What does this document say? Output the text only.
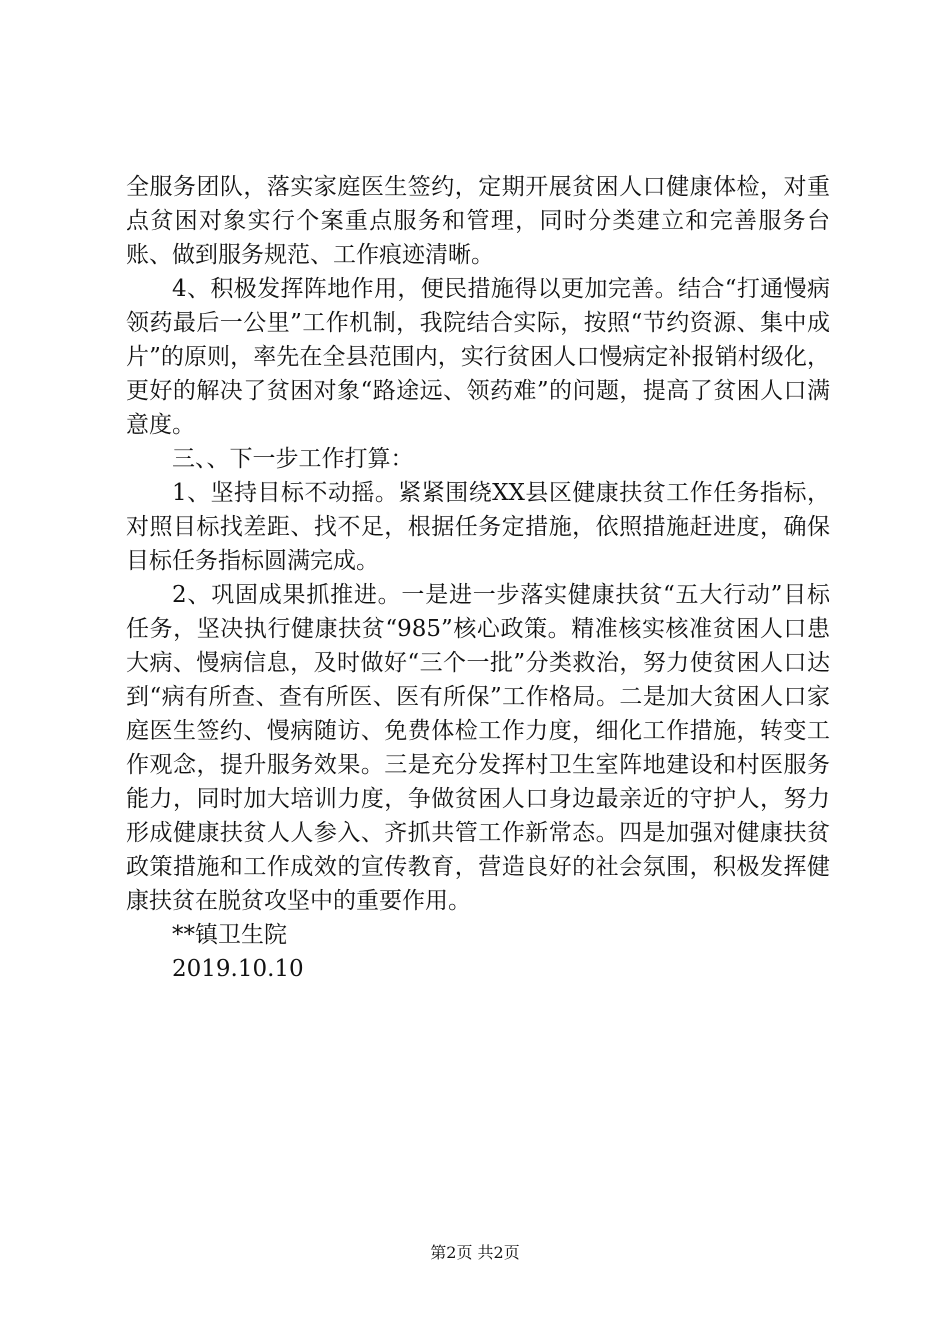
全服务团队，落实家庭医生签约，定期开展贫困人口健康体检，对重点贫困对象实行个案重点服务和管理，同时分类建立和完善服务台账、做到服务规范、工作痕迹清晰。

4、积极发挥阵地作用，便民措施得以更加完善。结合“打通慢病领药最后一公里”工作机制，我院结合实际，按照“节约资源、集中成片”的原则，率先在全县范围内，实行贫困人口慢病定补报销村级化，更好的解决了贫困对象“路途远、领药难”的问题，提高了贫困人口满意度。

三、、下一步工作打算：

1、坚持目标不动摇。紧紧围绕XX县区健康扶贫工作任务指标，对照目标找差距、找不足，根据任务定措施，依照措施赶进度，确保目标任务指标圆满完成。

2、巩固成果抓推进。一是进一步落实健康扶贫“五大行动”目标任务，坚决执行健康扶贫“985”核心政策。精准核实核准贫困人口患大病、慢病信息，及时做好“三个一批”分类救治，努力使贫困人口达到“病有所查、查有所医、医有所保”工作格局。二是加大贫困人口家庭医生签约、慢病随访、免费体检工作力度，细化工作措施，转变工作观念，提升服务效果。三是充分发挥村卫生室阵地建设和村医服务能力，同时加大培训力度，争做贫困人口身边最亲近的守护人，努力形成健康扶贫人人参入、齐抓共管工作新常态。四是加强对健康扶贫政策措施和工作成效的宣传教育，营造良好的社会氛围，积极发挥健康扶贫在脱贫攻坚中的重要作用。

**镇卫生院

2019.10.10

第2页 共2页
